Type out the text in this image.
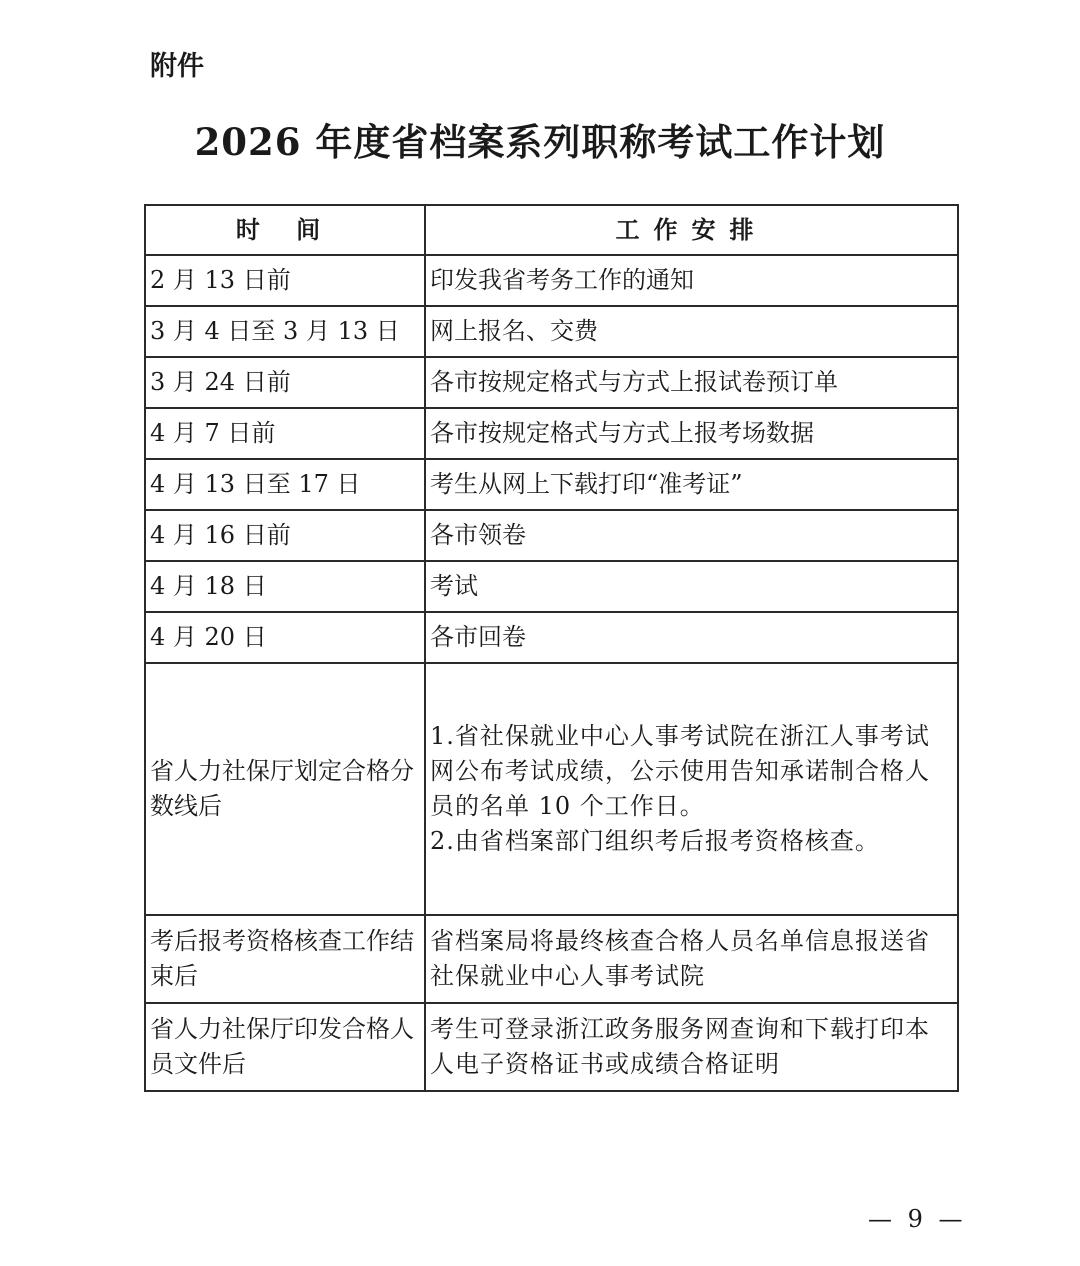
附件
2026 年度省档案系列职称考试工作计划
时 间	工作安排
2 月 13 日前	印发我省考务工作的通知
3 月 4 日至 3 月 13 日	网上报名、交费
3 月 24 日前	各市按规定格式与方式上报试卷预订单
4 月 7 日前	各市按规定格式与方式上报考场数据
4 月 13 日至 17 日	考生从网上下载打印“准考证”
4 月 16 日前	各市领卷
4 月 18 日	考试
4 月 20 日	各市回卷
省人力社保厅划定合格分数线后	1.省社保就业中心人事考试院在浙江人事考试网公布考试成绩，公示使用告知承诺制合格人员的名单 10 个工作日。
2.由省档案部门组织考后报考资格核查。

考后报考资格核查工作结束后	省档案局将最终核查合格人员名单信息报送省社保就业中心人事考试院
省人力社保厅印发合格人员文件后	考生可登录浙江政务服务网查询和下载打印本人电子资格证书或成绩合格证明
— 9 —
